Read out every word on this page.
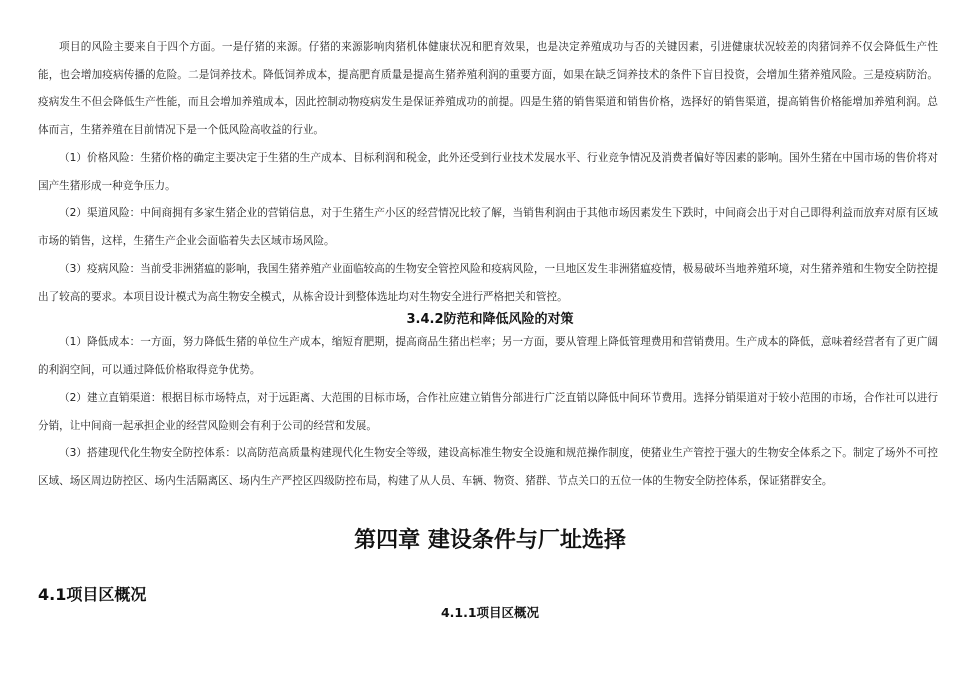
项目的风险主要来自于四个方面。一是仔猪的来源。仔猪的来源影响肉猪机体健康状况和肥育效果，也是决定养殖成功与否的关键因素，引进健康状况较差的肉猪饲养不仅会降低生产性能，也会增加疫病传播的危险。二是饲养技术。降低饲养成本，提高肥育质量是提高生猪养殖利润的重要方面，如果在缺乏饲养技术的条件下盲目投资，会增加生猪养殖风险。三是疫病防治。疫病发生不但会降低生产性能，而且会增加养殖成本，因此控制动物疫病发生是保证养殖成功的前提。四是生猪的销售渠道和销售价格，选择好的销售渠道，提高销售价格能增加养殖利润。总体而言，生猪养殖在目前情况下是一个低风险高收益的行业。

（1）价格风险：生猪价格的确定主要决定于生猪的生产成本、目标利润和税金，此外还受到行业技术发展水平、行业竞争情况及消费者偏好等因素的影响。国外生猪在中国市场的售价将对国产生猪形成一种竞争压力。

（2）渠道风险：中间商拥有多家生猪企业的营销信息，对于生猪生产小区的经营情况比较了解，当销售利润由于其他市场因素发生下跌时，中间商会出于对自己即得利益而放弃对原有区域市场的销售，这样，生猪生产企业会面临着失去区域市场风险。

（3）疫病风险：当前受非洲猪瘟的影响，我国生猪养殖产业面临较高的生物安全管控风险和疫病风险，一旦地区发生非洲猪瘟疫情，极易破坏当地养殖环境，对生猪养殖和生物安全防控提出了较高的要求。本项目设计模式为高生物安全模式，从栋舍设计到整体选址均对生物安全进行严格把关和管控。

3.4.2防范和降低风险的对策

（1）降低成本：一方面，努力降低生猪的单位生产成本，缩短育肥期，提高商品生猪出栏率；另一方面，要从管理上降低管理费用和营销费用。生产成本的降低，意味着经营者有了更广阔的利润空间，可以通过降低价格取得竞争优势。

（2）建立直销渠道：根据目标市场特点，对于远距离、大范围的目标市场，合作社应建立销售分部进行广泛直销以降低中间环节费用。选择分销渠道对于较小范围的市场，合作社可以进行分销，让中间商一起承担企业的经营风险则会有利于公司的经营和发展。

（3）搭建现代化生物安全防控体系：以高防范高质量构建现代化生物安全等级，建设高标准生物安全设施和规范操作制度，使猪业生产管控于强大的生物安全体系之下。制定了场外不可控区域、场区周边防控区、场内生活隔离区、场内生产严控区四级防控布局，构建了从人员、车辆、物资、猪群、节点关口的五位一体的生物安全防控体系，保证猪群安全。

第四章 建设条件与厂址选择
4.1项目区概况
4.1.1项目区概况
